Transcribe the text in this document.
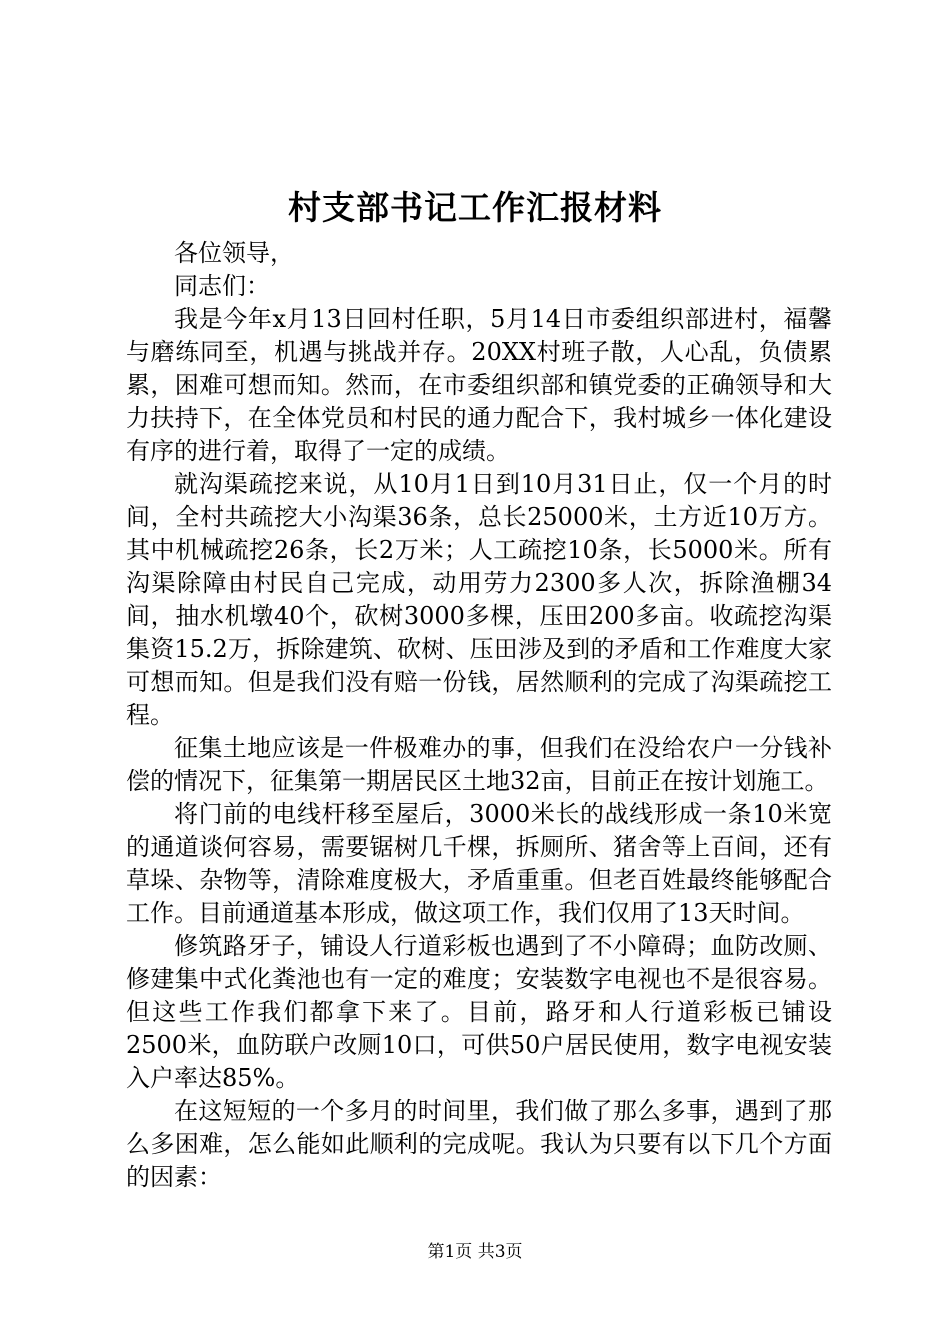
村支部书记工作汇报材料

各位领导，

同志们：

我是今年x月13日回村任职，5月14日市委组织部进村，福馨与磨练同至，机遇与挑战并存。20XX村班子散，人心乱，负债累累，困难可想而知。然而，在市委组织部和镇党委的正确领导和大力扶持下，在全体党员和村民的通力配合下，我村城乡一体化建设有序的进行着，取得了一定的成绩。

就沟渠疏挖来说，从10月1日到10月31日止，仅一个月的时间，全村共疏挖大小沟渠36条，总长25000米，土方近10万方。其中机械疏挖26条，长2万米；人工疏挖10条，长5000米。所有沟渠除障由村民自己完成，动用劳力2300多人次，拆除渔棚34间，抽水机墩40个，砍树3000多棵，压田200多亩。收疏挖沟渠集资15.2万，拆除建筑、砍树、压田涉及到的矛盾和工作难度大家可想而知。但是我们没有赔一份钱，居然顺利的完成了沟渠疏挖工程。

征集土地应该是一件极难办的事，但我们在没给农户一分钱补偿的情况下，征集第一期居民区土地32亩，目前正在按计划施工。

将门前的电线杆移至屋后，3000米长的战线形成一条10米宽的通道谈何容易，需要锯树几千棵，拆厕所、猪舍等上百间，还有草垛、杂物等，清除难度极大，矛盾重重。但老百姓最终能够配合工作。目前通道基本形成，做这项工作，我们仅用了13天时间。

修筑路牙子，铺设人行道彩板也遇到了不小障碍；血防改厕、修建集中式化粪池也有一定的难度；安装数字电视也不是很容易。但这些工作我们都拿下来了。目前，路牙和人行道彩板已铺设2500米，血防联户改厕10口，可供50户居民使用，数字电视安装入户率达85%。

在这短短的一个多月的时间里，我们做了那么多事，遇到了那么多困难，怎么能如此顺利的完成呢。我认为只要有以下几个方面的因素：

第1页 共3页
